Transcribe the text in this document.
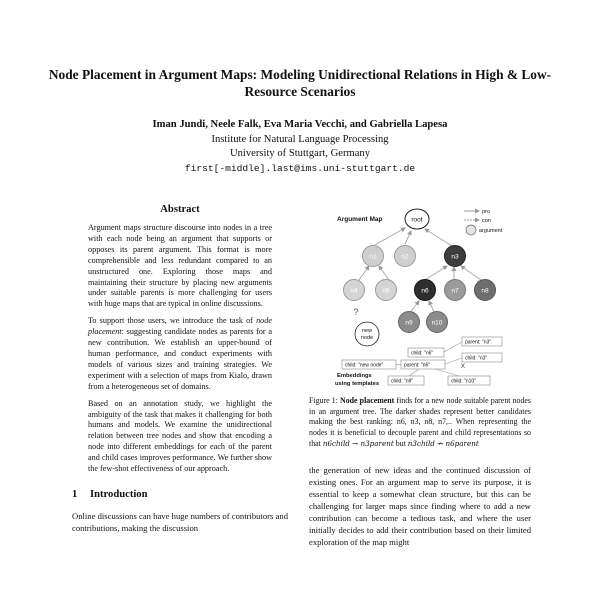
Node Placement in Argument Maps: Modeling Unidirectional Relations in High & Low-Resource Scenarios
Iman Jundi, Neele Falk, Eva Maria Vecchi, and Gabriella Lapesa
Institute for Natural Language Processing
University of Stuttgart, Germany
first[-middle].last@ims.uni-stuttgart.de
Abstract

Argument maps structure discourse into nodes in a tree with each node being an argument that supports or opposes its parent argument. This format is more comprehensible and less redundant compared to an unstructured one. Exploring those maps and maintaining their structure by placing new arguments under suitable parents is more challenging for users with huge maps that are typical in online discussions.

To support those users, we introduce the task of node placement: suggesting candidate nodes as parents for a new contribution. We establish an upper-bound of human performance, and conduct experiments with models of various sizes and training strategies. We experiment with a selection of maps from Kialo, drawn from a heterogeneous set of domains.

Based on an annotation study, we highlight the ambiguity of the task that makes it challenging for both humans and models. We examine the unidirectional relation between tree nodes and show that encoding a node into different embeddings for each of the parent and child cases improves performance. We further show the few-shot effectiveness of our approach.

1 Introduction

Online discussions can have huge numbers of contributors and contributions, making the discussion

Argument Map	root
n1	n2	n3
n4	n5	n6	n7	n8
n9	n10
?
new
node
pro
con
argument
parent: "n3"
child: "n6"
child: "n3"
child: "new node"	parent: "n6"
child: "n9"	child: "n10"
X
Embeddings
using templates
Figure 1: Node placement finds for a new node suitable parent nodes in an argument tree. The darker shades represent better candidates making the best ranking: n6, n3, n8, n7,.. When representing the nodes it is beneficial to decouple parent and child representations so that n6child → n3parent but n3child ↛ n6parent

the generation of new ideas and the continued discussion of existing ones. For an argument map to serve its purpose, it is essential to keep a somewhat clean structure, but this can be challenging for larger maps since finding where to add a new contribution can become a tedious task, and where the user initially decides to add their contribution based on their limited exploration of the map might
